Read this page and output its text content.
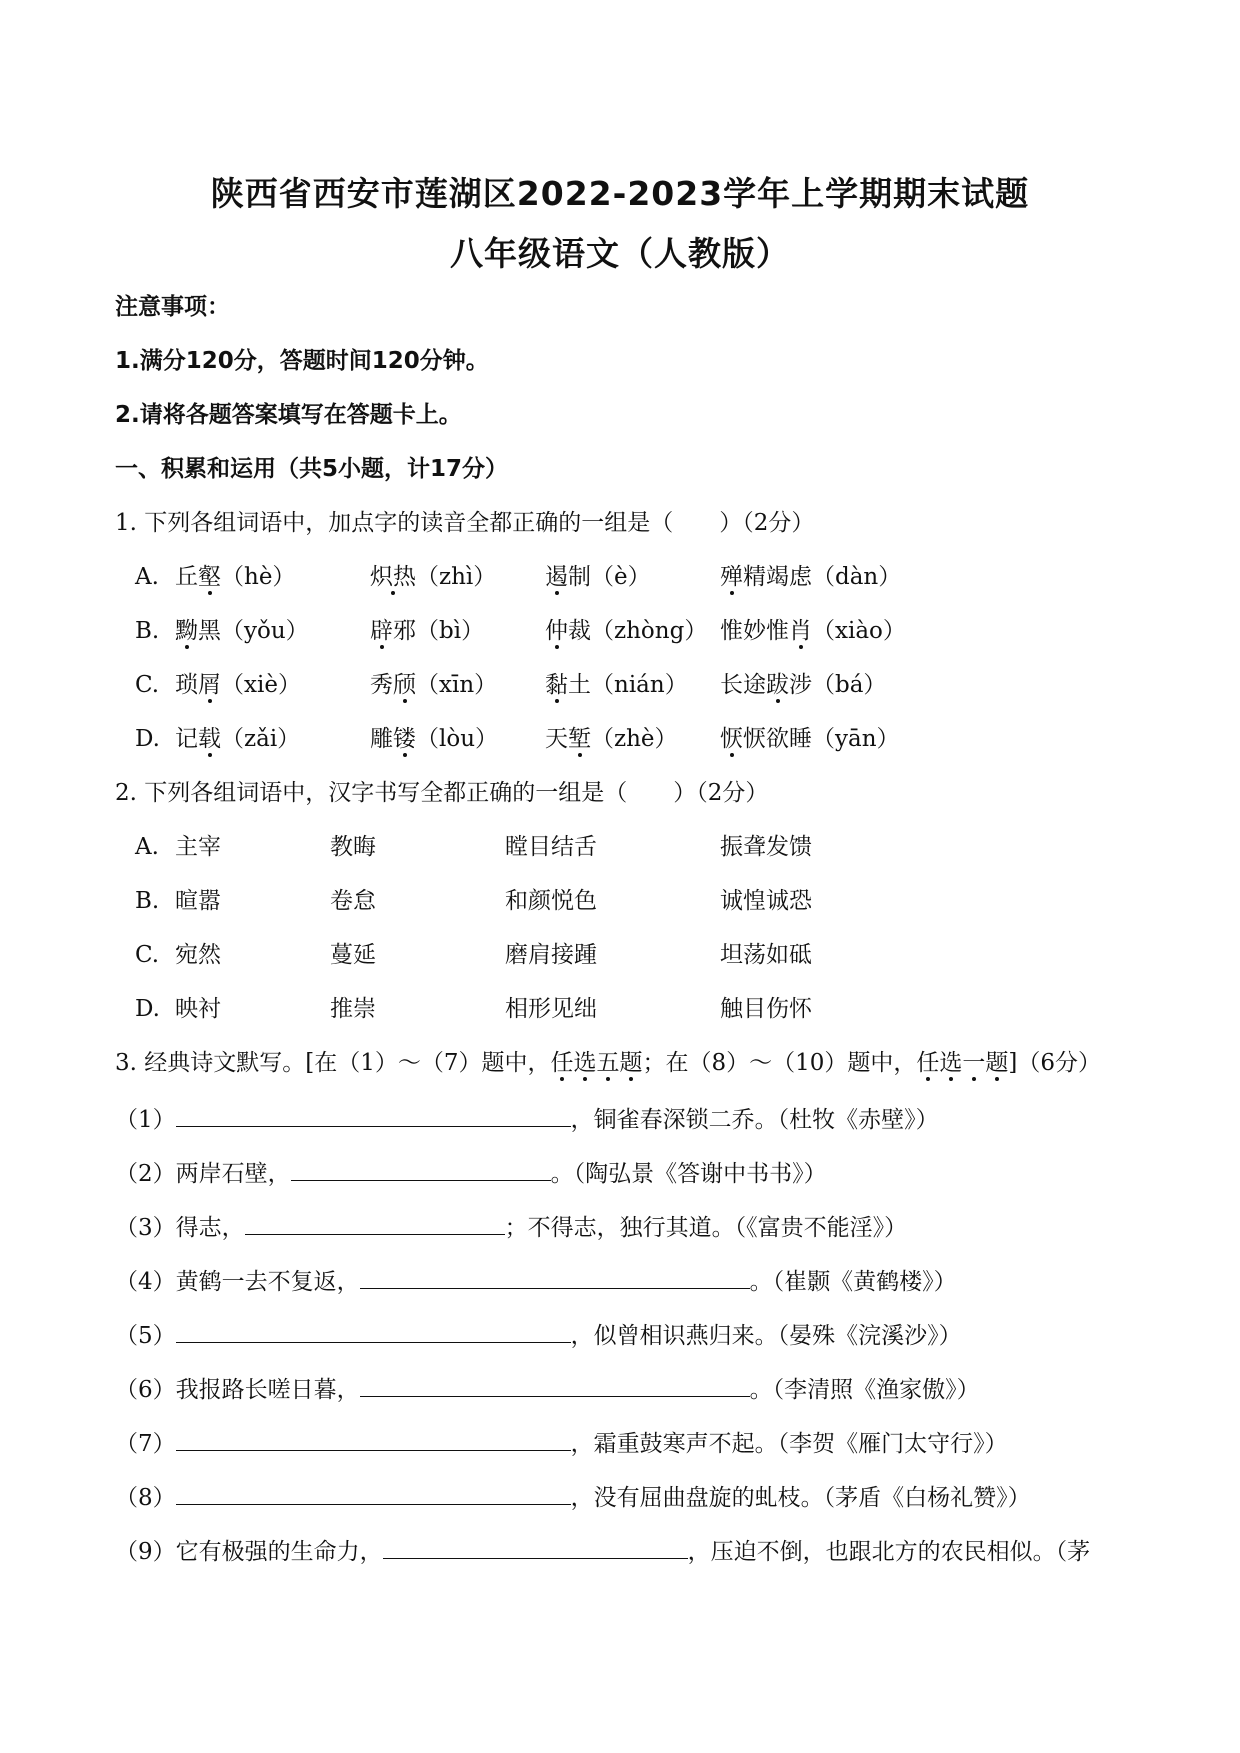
陕西省西安市莲湖区2022-2023学年上学期期末试题
八年级语文（人教版）
注意事项：
1.满分120分，答题时间120分钟。
2.请将各题答案填写在答题卡上。
一、积累和运用（共5小题，计17分）
1. 下列各组词语中，加点字的读音全都正确的一组是（　　）（2分）
A. 丘壑（hè）	炽热（zhì） 遏制（è）	殚精竭虑（dàn）
B. 黝黑（yǒu）	辟邪（bì）	仲裁（zhòng） 惟妙惟肖（xiào）
C. 琐屑（xiè）	秀颀（xīn） 黏土（nián） 长途跋涉（bá）
D. 记载（zǎi）	雕镂（lòu） 天堑（zhè） 恹恹欲睡（yān）
2. 下列各组词语中，汉字书写全都正确的一组是（　　）（2分）
A. 主宰	教晦	瞠目结舌	振聋发馈
B. 暄嚣	卷怠	和颜悦色	诚惶诚恐
C. 宛然	蔓延	磨肩接踵	坦荡如砥
D. 映衬	推崇	相形见绌	触目伤怀
3. 经典诗文默写。[在（1）～（7）题中，任选五题；在（8）～（10）题中，任选一题]（6分）
（1）	，铜雀春深锁二乔。（杜牧《赤壁》）
（2）两岸石壁，	。（陶弘景《答谢中书书》）
（3）得志，	；不得志，独行其道。（《富贵不能淫》）
（4）黄鹤一去不复返，	。（崔颢《黄鹤楼》）
（5）	，似曾相识燕归来。（晏殊《浣溪沙》）
（6）我报路长嗟日暮，	。（李清照《渔家傲》）
（7）	，霜重鼓寒声不起。（李贺《雁门太守行》）
（8）	，没有屈曲盘旋的虬枝。（茅盾《白杨礼赞》）
（9）它有极强的生命力，	，压迫不倒，也跟北方的农民相似。（茅
